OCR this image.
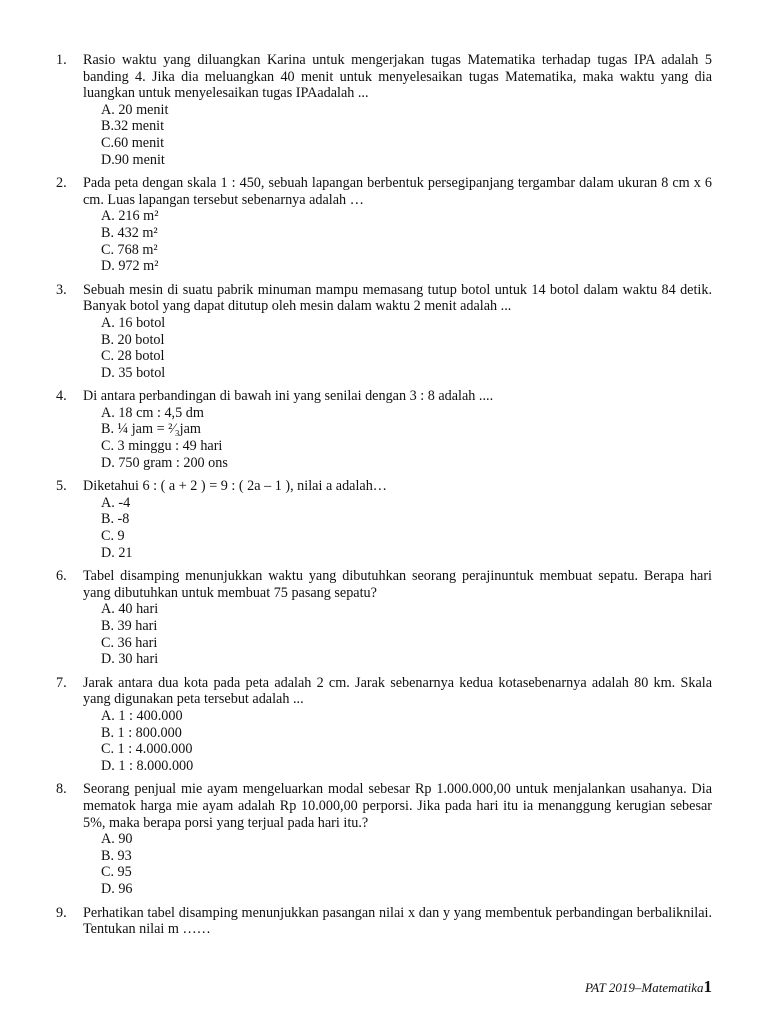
1. Rasio waktu yang diluangkan Karina untuk mengerjakan tugas Matematika terhadap tugas IPA adalah 5 banding 4. Jika dia meluangkan 40 menit untuk menyelesaikan tugas Matematika, maka waktu yang dia luangkan untuk menyelesaikan tugas IPAadalah ...
A. 20 menit
B.32 menit
C.60 menit
D.90 menit
2. Pada peta dengan skala 1 : 450, sebuah lapangan berbentuk persegipanjang tergambar dalam ukuran 8 cm x 6 cm. Luas lapangan tersebut sebenarnya adalah …
A. 216 m²
B. 432 m²
C. 768 m²
D. 972 m²
3. Sebuah mesin di suatu pabrik minuman mampu memasang tutup botol untuk 14 botol dalam waktu 84 detik. Banyak botol yang dapat ditutup oleh mesin dalam waktu 2 menit adalah ...
A. 16 botol
B. 20 botol
C. 28 botol
D. 35 botol
4. Di antara perbandingan di bawah ini yang senilai dengan 3 : 8 adalah ....
A. 18 cm : 4,5 dm
B. ¼ jam = ²⁄₃jam
C. 3 minggu : 49 hari
D. 750 gram : 200 ons
5. Diketahui 6 : ( a + 2 ) = 9 : ( 2a – 1 ), nilai a adalah…
A. -4
B. -8
C. 9
D. 21
6. Tabel disamping menunjukkan waktu yang dibutuhkan seorang perajinuntuk membuat sepatu. Berapa hari yang dibutuhkan untuk membuat 75 pasang sepatu?
A. 40 hari
B. 39 hari
C. 36 hari
D. 30 hari
7. Jarak antara dua kota pada peta adalah 2 cm. Jarak sebenarnya kedua kotasebenarnya adalah 80 km. Skala yang digunakan peta tersebut adalah ...
A. 1 : 400.000
B. 1 : 800.000
C. 1 : 4.000.000
D. 1 : 8.000.000
8. Seorang penjual mie ayam mengeluarkan modal sebesar Rp 1.000.000,00 untuk menjalankan usahanya. Dia mematok harga mie ayam adalah Rp 10.000,00 perporsi. Jika pada hari itu ia menanggung kerugian sebesar 5%, maka berapa porsi yang terjual pada hari itu.?
A. 90
B. 93
C. 95
D. 96
9. Perhatikan tabel disamping menunjukkan pasangan nilai x dan y yang membentuk perbandingan berbaliknilai. Tentukan nilai m ……
PAT 2019–Matematika1
